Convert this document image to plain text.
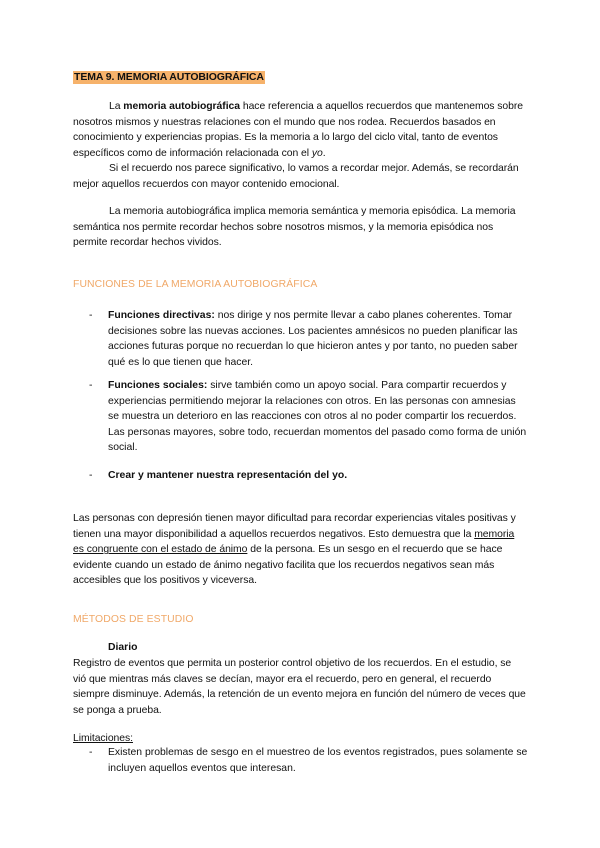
TEMA 9. MEMORIA AUTOBIOGRÁFICA

La memoria autobiográfica hace referencia a aquellos recuerdos que mantenemos sobre nosotros mismos y nuestras relaciones con el mundo que nos rodea. Recuerdos basados en conocimiento y experiencias propias. Es la memoria a lo largo del ciclo vital, tanto de eventos específicos como de información relacionada con el yo.

Si el recuerdo nos parece significativo, lo vamos a recordar mejor. Además, se recordarán mejor aquellos recuerdos con mayor contenido emocional.

La memoria autobiográfica implica memoria semántica y memoria episódica. La memoria semántica nos permite recordar hechos sobre nosotros mismos, y la memoria episódica nos permite recordar hechos vividos.

FUNCIONES DE LA MEMORIA AUTOBIOGRÁFICA
- Funciones directivas: nos dirige y nos permite llevar a cabo planes coherentes. Tomar decisiones sobre las nuevas acciones. Los pacientes amnésicos no pueden planificar las acciones futuras porque no recuerdan lo que hicieron antes y por tanto, no pueden saber qué es lo que tienen que hacer.

- Funciones sociales: sirve también como un apoyo social. Para compartir recuerdos y experiencias permitiendo mejorar la relaciones con otros. En las personas con amnesias se muestra un deterioro en las reacciones con otros al no poder compartir los recuerdos. Las personas mayores, sobre todo, recuerdan momentos del pasado como forma de unión social.

- Crear y mantener nuestra representación del yo.

Las personas con depresión tienen mayor dificultad para recordar experiencias vitales positivas y tienen una mayor disponibilidad a aquellos recuerdos negativos. Esto demuestra que la memoria es congruente con el estado de ánimo de la persona. Es un sesgo en el recuerdo que se hace evidente cuando un estado de ánimo negativo facilita que los recuerdos negativos sean más accesibles que los positivos y viceversa.

MÉTODOS DE ESTUDIO
Diario

Registro de eventos que permita un posterior control objetivo de los recuerdos. En el estudio, se vió que mientras más claves se decían, mayor era el recuerdo, pero en general, el recuerdo siempre disminuye. Además, la retención de un evento mejora en función del número de veces que se ponga a prueba.

Limitaciones:

- Existen problemas de sesgo en el muestreo de los eventos registrados, pues solamente se incluyen aquellos eventos que interesan.
